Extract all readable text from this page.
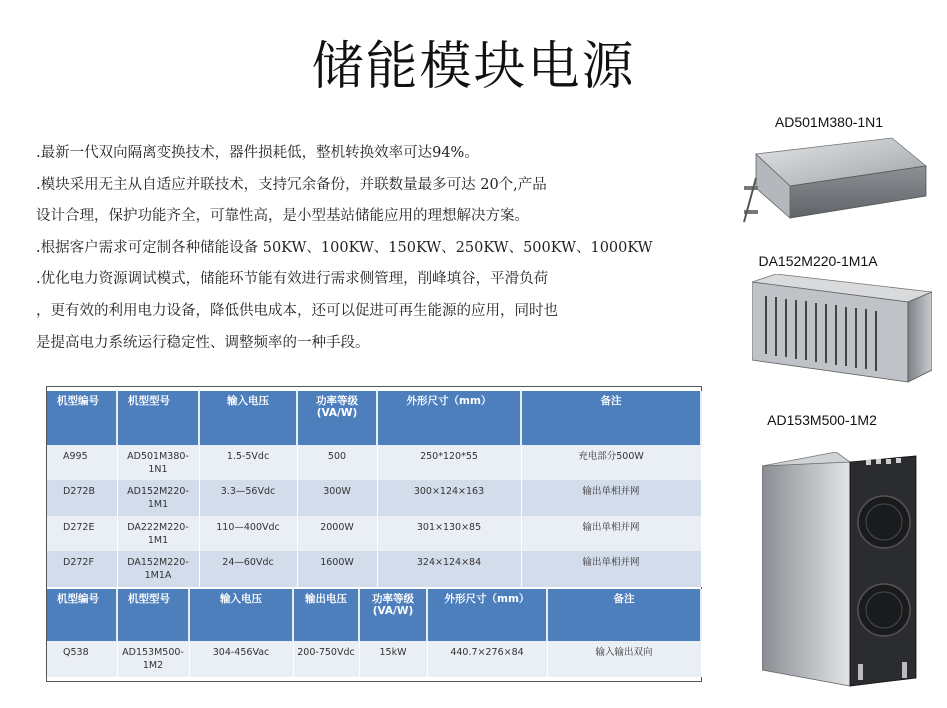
储能模块电源

.最新一代双向隔离变换技术，器件损耗低，整机转换效率可达94%。

.模块采用无主从自适应并联技术，支持冗余备份，并联数量最多可达 20个,产品

设计合理，保护功能齐全，可靠性高，是小型基站储能应用的理想解决方案。

.根据客户需求可定制各种储能设备 50KW、100KW、150KW、250KW、500KW、1000KW

.优化电力资源调试模式，储能环节能有效进行需求侧管理，削峰填谷，平滑负荷

，更有效的利用电力设备，降低供电成本，还可以促进可再生能源的应用，同时也

是提高电力系统运行稳定性、调整频率的一种手段。

AD501M380-1N1
DA152M220-1M1A
AD153M500-1M2
机型编号	机型型号	输入电压	功率等级(VA/W)	外形尺寸（mm）	备注
A995	AD501M380-1N1	1.5-5Vdc	500	250*120*55	充电部分500W
D272B	AD152M220-1M1	3.3—56Vdc	300W	300×124×163	输出单相并网
D272E	DA222M220-1M1	110—400Vdc	2000W	301×130×85	输出单相并网
D272F	DA152M220-1M1A	24—60Vdc	1600W	324×124×84	输出单相并网
机型编号	机型型号	输入电压	输出电压	功率等级(VA/W)	外形尺寸（mm）	备注
Q538	AD153M500-1M2	304-456Vac	200-750Vdc	15kW	440.7×276×84	输入输出双向
